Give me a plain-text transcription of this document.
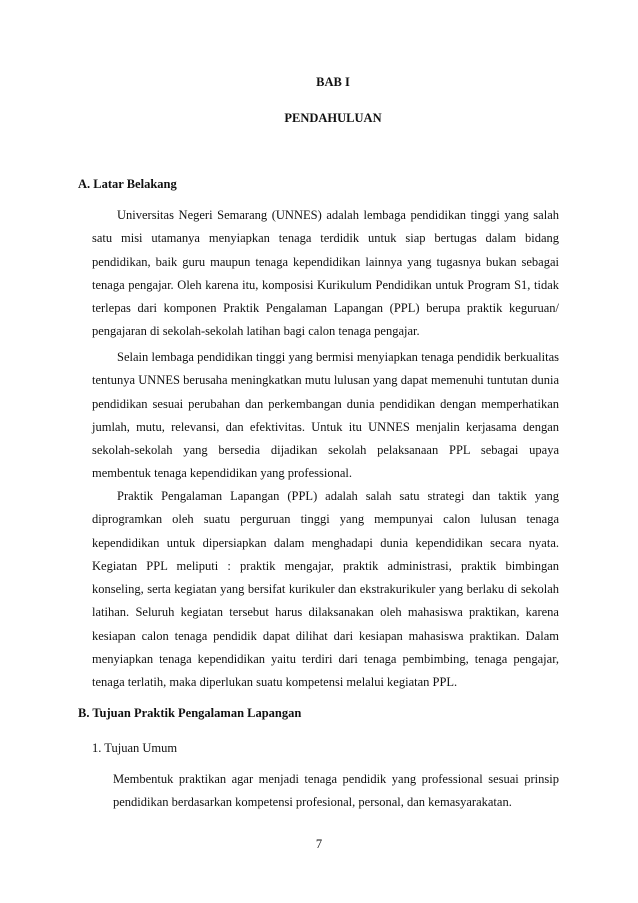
BAB I
PENDAHULUAN
A. Latar Belakang

Universitas Negeri Semarang (UNNES) adalah lembaga pendidikan tinggi yang salah satu misi utamanya menyiapkan tenaga terdidik untuk siap bertugas dalam bidang pendidikan, baik guru maupun tenaga kependidikan lainnya yang tugasnya bukan sebagai tenaga pengajar. Oleh karena itu, komposisi Kurikulum Pendidikan untuk Program S1, tidak terlepas dari komponen Praktik Pengalaman Lapangan (PPL) berupa praktik keguruan/ pengajaran di sekolah-sekolah latihan bagi calon tenaga pengajar.

Selain lembaga pendidikan tinggi yang bermisi menyiapkan tenaga pendidik berkualitas tentunya UNNES berusaha meningkatkan mutu lulusan yang dapat memenuhi tuntutan dunia pendidikan sesuai perubahan dan perkembangan dunia pendidikan dengan memperhatikan jumlah, mutu, relevansi, dan efektivitas. Untuk itu UNNES menjalin kerjasama dengan sekolah-sekolah yang bersedia dijadikan sekolah pelaksanaan PPL sebagai upaya membentuk tenaga kependidikan yang professional.

Praktik Pengalaman Lapangan (PPL) adalah salah satu strategi dan taktik yang diprogramkan oleh suatu perguruan tinggi yang mempunyai calon lulusan tenaga kependidikan untuk dipersiapkan dalam menghadapi dunia kependidikan secara nyata. Kegiatan PPL meliputi : praktik mengajar, praktik administrasi, praktik bimbingan konseling, serta kegiatan yang bersifat kurikuler dan ekstrakurikuler yang berlaku di sekolah latihan. Seluruh kegiatan tersebut harus dilaksanakan oleh mahasiswa praktikan, karena kesiapan calon tenaga pendidik dapat dilihat dari kesiapan mahasiswa praktikan. Dalam menyiapkan tenaga kependidikan yaitu terdiri dari tenaga pembimbing, tenaga pengajar, tenaga terlatih, maka diperlukan suatu kompetensi melalui kegiatan PPL.

B. Tujuan Praktik Pengalaman Lapangan
1. Tujuan Umum

Membentuk praktikan agar menjadi tenaga pendidik yang professional sesuai prinsip pendidikan berdasarkan kompetensi profesional, personal, dan kemasyarakatan.

7
